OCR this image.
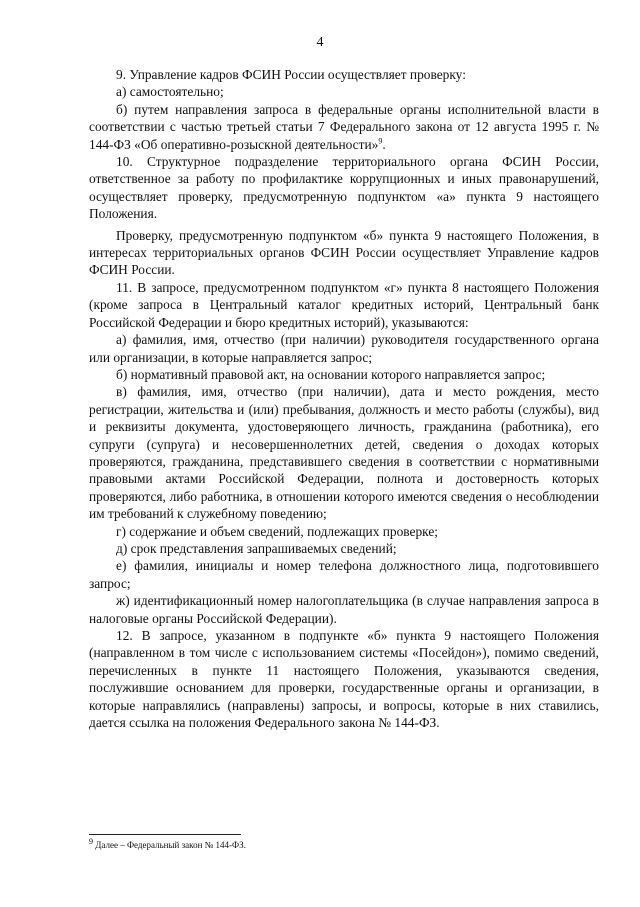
4

9. Управление кадров ФСИН России осуществляет проверку:

а) самостоятельно;

б) путем направления запроса в федеральные органы исполнительной власти в соответствии с частью третьей статьи 7 Федерального закона от 12 августа 1995 г. № 144-ФЗ «Об оперативно-розыскной деятельности»$^9$.

10. Структурное подразделение территориального органа ФСИН России, ответственное за работу по профилактике коррупционных и иных правонарушений, осуществляет проверку, предусмотренную подпунктом «а» пункта 9 настоящего Положения.

Проверку, предусмотренную подпунктом «б» пункта 9 настоящего Положения, в интересах территориальных органов ФСИН России осуществляет Управление кадров ФСИН России.

11. В запросе, предусмотренном подпунктом «г» пункта 8 настоящего Положения (кроме запроса в Центральный каталог кредитных историй, Центральный банк Российской Федерации и бюро кредитных историй), указываются:

а) фамилия, имя, отчество (при наличии) руководителя государственного органа или организации, в которые направляется запрос;

б) нормативный правовой акт, на основании которого направляется запрос;

в) фамилия, имя, отчество (при наличии), дата и место рождения, место регистрации, жительства и (или) пребывания, должность и место работы (службы), вид и реквизиты документа, удостоверяющего личность, гражданина (работника), его супруги (супруга) и несовершеннолетних детей, сведения о доходах которых проверяются, гражданина, представившего сведения в соответствии с нормативными правовыми актами Российской Федерации, полнота и достоверность которых проверяются, либо работника, в отношении которого имеются сведения о несоблюдении им требований к служебному поведению;

г) содержание и объем сведений, подлежащих проверке;

д) срок представления запрашиваемых сведений;

е) фамилия, инициалы и номер телефона должностного лица, подготовившего запрос;

ж) идентификационный номер налогоплательщика (в случае направления запроса в налоговые органы Российской Федерации).

12. В запросе, указанном в подпункте «б» пункта 9 настоящего Положения (направленном в том числе с использованием системы «Посейдон»), помимо сведений, перечисленных в пункте 11 настоящего Положения, указываются сведения, послужившие основанием для проверки, государственные органы и организации, в которые направлялись (направлены) запросы, и вопросы, которые в них ставились, дается ссылка на положения Федерального закона № 144-ФЗ.

$^9$ Далее – Федеральный закон № 144-ФЗ.
